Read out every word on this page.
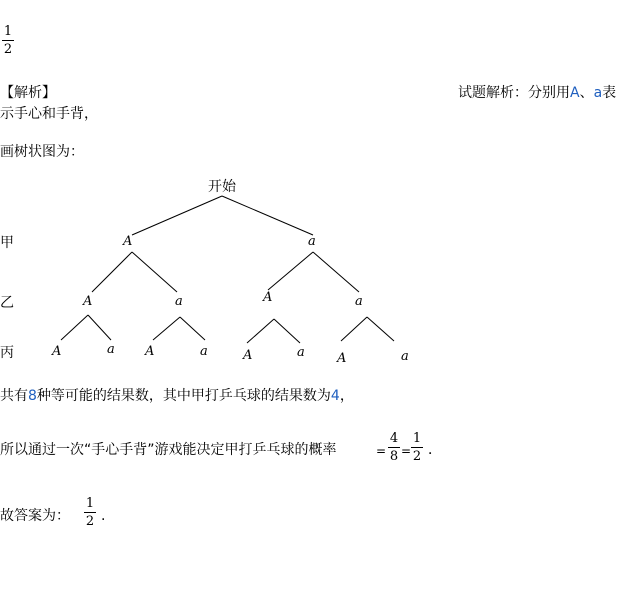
1
2
【解析】	试题解析：分别用A、a表
示手心和手背，
画树状图为：
开始
甲
乙
丙
A	a
A	a	A	a
A	a A	a	A	a A	a
共有8种等可能的结果数，其中甲打乒乓球的结果数为4，
所以通过一次“手心手背”游戏能决定甲打乒乓球的概率	=
4
8 =
1
2 ．
故答案为：
1
2 .
